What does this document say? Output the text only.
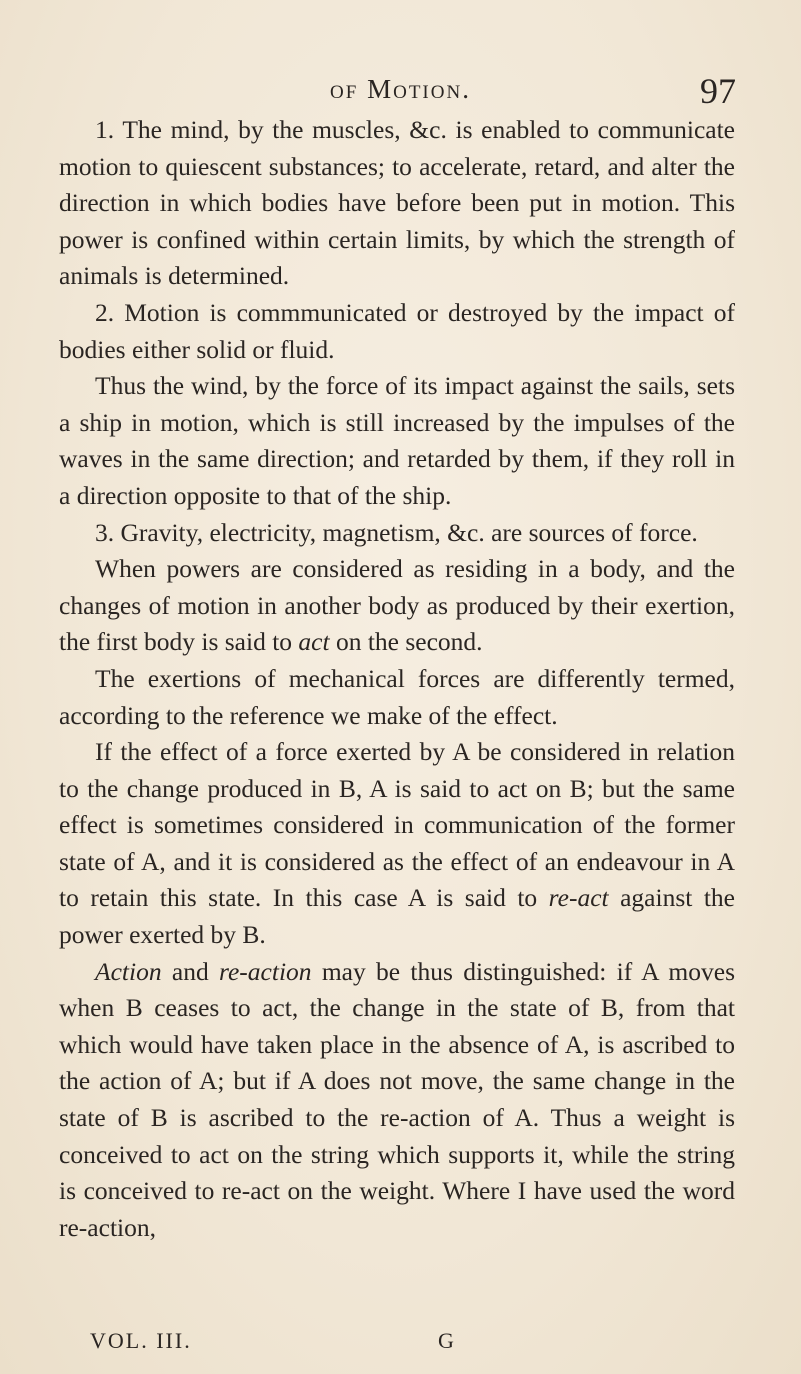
of Motion.	97

1. The mind, by the muscles, &c. is enabled to communicate motion to quiescent substances; to accelerate, retard, and alter the direction in which bodies have before been put in motion. This power is confined within certain limits, by which the strength of animals is determined.

2. Motion is commmunicated or destroyed by the impact of bodies either solid or fluid.

Thus the wind, by the force of its impact against the sails, sets a ship in motion, which is still increased by the impulses of the waves in the same direction; and retarded by them, if they roll in a direction opposite to that of the ship.

3. Gravity, electricity, magnetism, &c. are sources of force.

When powers are considered as residing in a body, and the changes of motion in another body as produced by their exertion, the first body is said to act on the second.

The exertions of mechanical forces are differently termed, according to the reference we make of the effect.

If the effect of a force exerted by A be considered in relation to the change produced in B, A is said to act on B; but the same effect is sometimes considered in communication of the former state of A, and it is considered as the effect of an endeavour in A to retain this state. In this case A is said to re-act against the power exerted by B.

Action and re-action may be thus distinguished: if A moves when B ceases to act, the change in the state of B, from that which would have taken place in the absence of A, is ascribed to the action of A; but if A does not move, the same change in the state of B is ascribed to the re-action of A. Thus a weight is conceived to act on the string which supports it, while the string is conceived to re-act on the weight. Where I have used the word re-action,

VOL. III.	G
